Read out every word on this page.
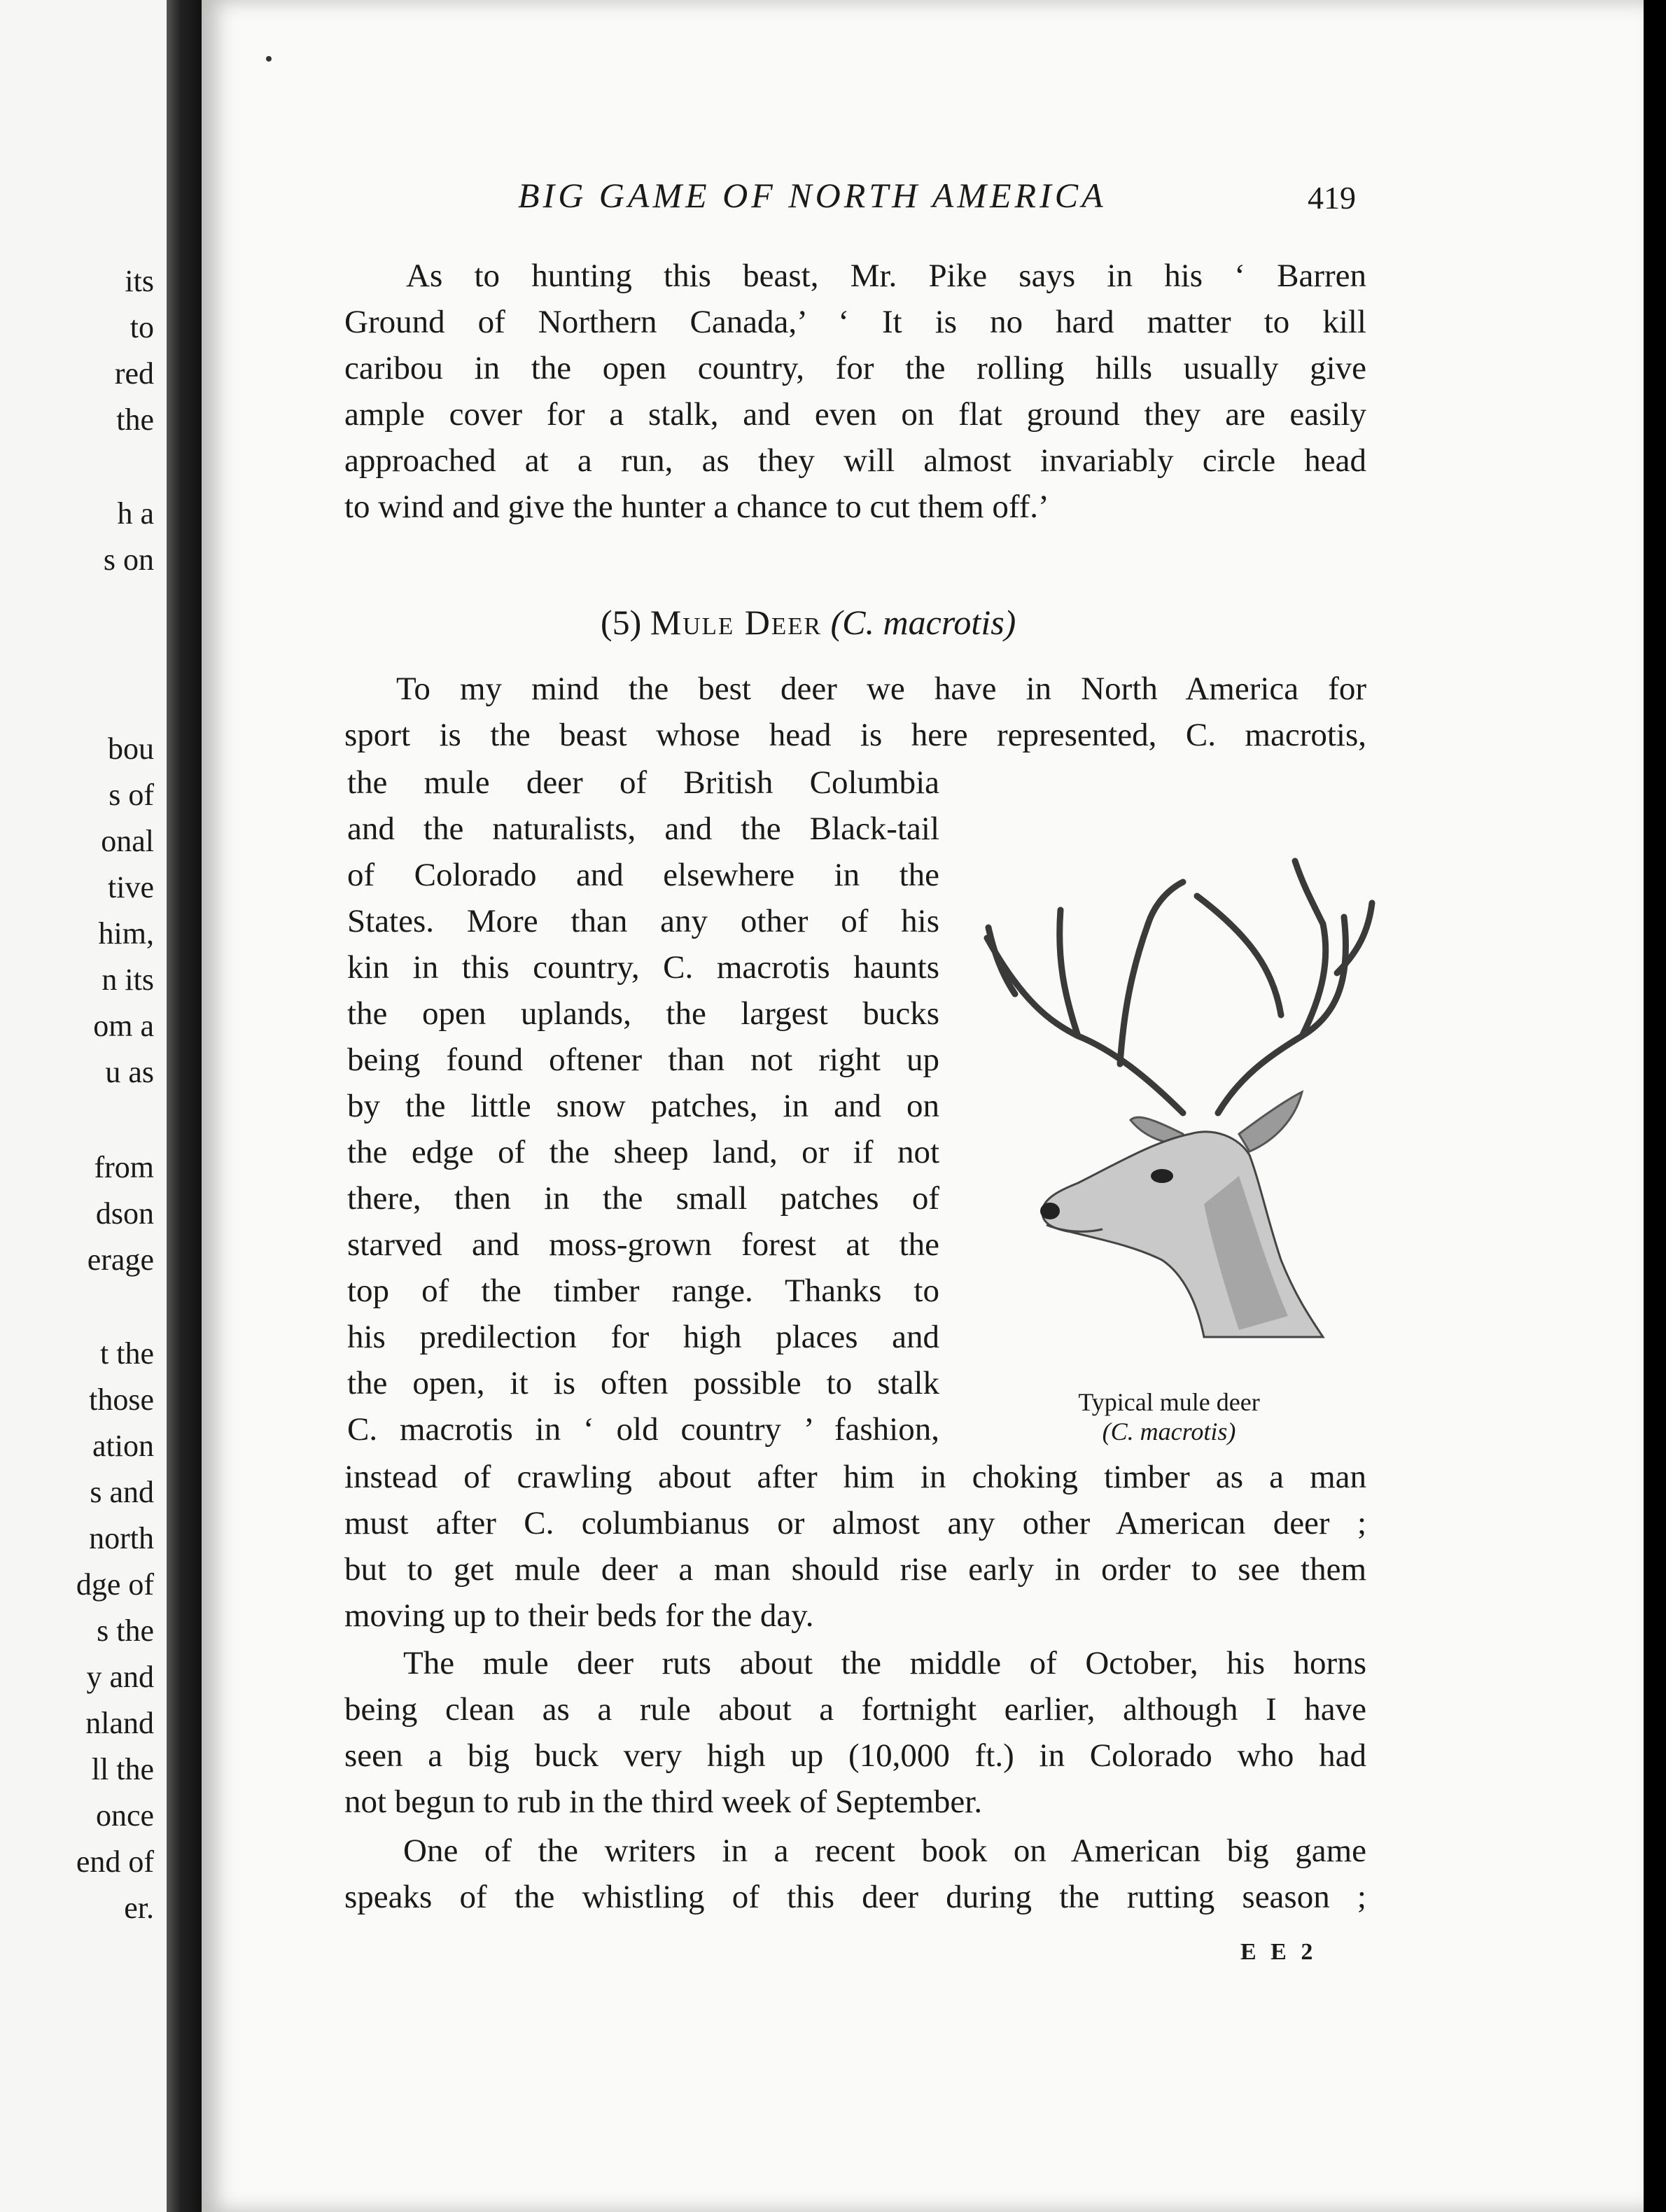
its
to
red
the
h a
s on
bou
s of
onal
tive
him,
n its
om a
u as
from
dson
erage
t the
those
ation
s and
north
dge of
s the
y and
nland
ll the
once
end of
er.
BIG GAME OF NORTH AMERICA	419
As to hunting this beast, Mr. Pike says in his ‘ Barren
Ground of Northern Canada,’ ‘ It is no hard matter to kill
caribou in the open country, for the rolling hills usually give
ample cover for a stalk, and even on flat ground they are easily
approached at a run, as they will almost invariably circle head
to wind and give the hunter a chance to cut them off.’
(5) Mule Deer (C. macrotis)
To my mind the best deer we have in North America for
sport is the beast whose head is here represented, C. macrotis,
the mule deer of British Columbia
and the naturalists, and the Black-tail
of Colorado and elsewhere in the
States. More than any other of his
kin in this country, C. macrotis haunts
the open uplands, the largest bucks
being found oftener than not right up
by the little snow patches, in and on
the edge of the sheep land, or if not
there, then in the small patches of
starved and moss-grown forest at the
top of the timber range. Thanks to
his predilection for high places and
the open, it is often possible to stalk
C. macrotis in ‘ old country ’ fashion,
instead of crawling about after him in choking timber as a man
must after C. columbianus or almost any other American deer ;
but to get mule deer a man should rise early in order to see them
moving up to their beds for the day.
The mule deer ruts about the middle of October, his horns
being clean as a rule about a fortnight earlier, although I have
seen a big buck very high up (10,000 ft.) in Colorado who had
not begun to rub in the third week of September.
One of the writers in a recent book on American big game
speaks of the whistling of this deer during the rutting season ;
Typical mule deer
(C. macrotis)
E E 2
